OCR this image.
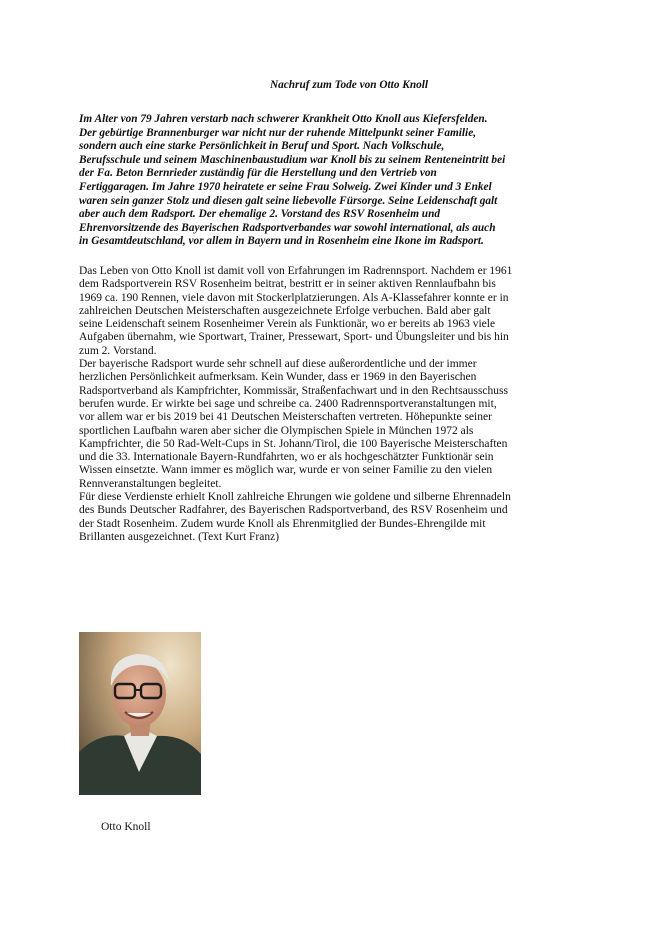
Nachruf zum Tode von Otto Knoll

Im Alter von 79 Jahren verstarb nach schwerer Krankheit Otto Knoll aus Kiefersfelden.
Der gebürtige Brannenburger war nicht nur der ruhende Mittelpunkt seiner Familie,
sondern auch eine starke Persönlichkeit in Beruf und Sport. Nach Volkschule,
Berufsschule und seinem Maschinenbaustudium war Knoll bis zu seinem Renteneintritt bei
der Fa. Beton Bernrieder zuständig für die Herstellung und den Vertrieb von
Fertiggaragen. Im Jahre 1970 heiratete er seine Frau Solweig. Zwei Kinder und 3 Enkel
waren sein ganzer Stolz und diesen galt seine liebevolle Fürsorge. Seine Leidenschaft galt
aber auch dem Radsport. Der ehemalige 2. Vorstand des RSV Rosenheim und
Ehrenvorsitzende des Bayerischen Radsportverbandes war sowohl international, als auch
in Gesamtdeutschland, vor allem in Bayern und in Rosenheim eine Ikone im Radsport.

Das Leben von Otto Knoll ist damit voll von Erfahrungen im Radrennsport. Nachdem er 1961
dem Radsportverein RSV Rosenheim beitrat, bestritt er in seiner aktiven Rennlaufbahn bis
1969 ca. 190 Rennen, viele davon mit Stockerlplatzierungen. Als A-Klassefahrer konnte er in
zahlreichen Deutschen Meisterschaften ausgezeichnete Erfolge verbuchen. Bald aber galt
seine Leidenschaft seinem Rosenheimer Verein als Funktionär, wo er bereits ab 1963 viele
Aufgaben übernahm, wie Sportwart, Trainer, Pressewart, Sport- und Übungsleiter und bis hin
zum 2. Vorstand.
Der bayerische Radsport wurde sehr schnell auf diese außerordentliche und der immer
herzlichen Persönlichkeit aufmerksam. Kein Wunder, dass er 1969 in den Bayerischen
Radsportverband als Kampfrichter, Kommissär, Straßenfachwart und in den Rechtsausschuss
berufen wurde. Er wirkte bei sage und schreibe ca. 2400 Radrennsportveranstaltungen mit,
vor allem war er bis 2019 bei 41 Deutschen Meisterschaften vertreten. Höhepunkte seiner
sportlichen Laufbahn waren aber sicher die Olympischen Spiele in München 1972 als
Kampfrichter, die 50 Rad-Welt-Cups in St. Johann/Tirol, die 100 Bayerische Meisterschaften
und die 33. Internationale Bayern-Rundfahrten, wo er als hochgeschätzter Funktionär sein
Wissen einsetzte. Wann immer es möglich war, wurde er von seiner Familie zu den vielen
Rennveranstaltungen begleitet.
Für diese Verdienste erhielt Knoll zahlreiche Ehrungen wie goldene und silberne Ehrennadeln
des Bunds Deutscher Radfahrer, des Bayerischen Radsportverband, des RSV Rosenheim und
der Stadt Rosenheim. Zudem wurde Knoll als Ehrenmitglied der Bundes-Ehrengilde mit
Brillanten ausgezeichnet. (Text Kurt Franz)

Otto Knoll
